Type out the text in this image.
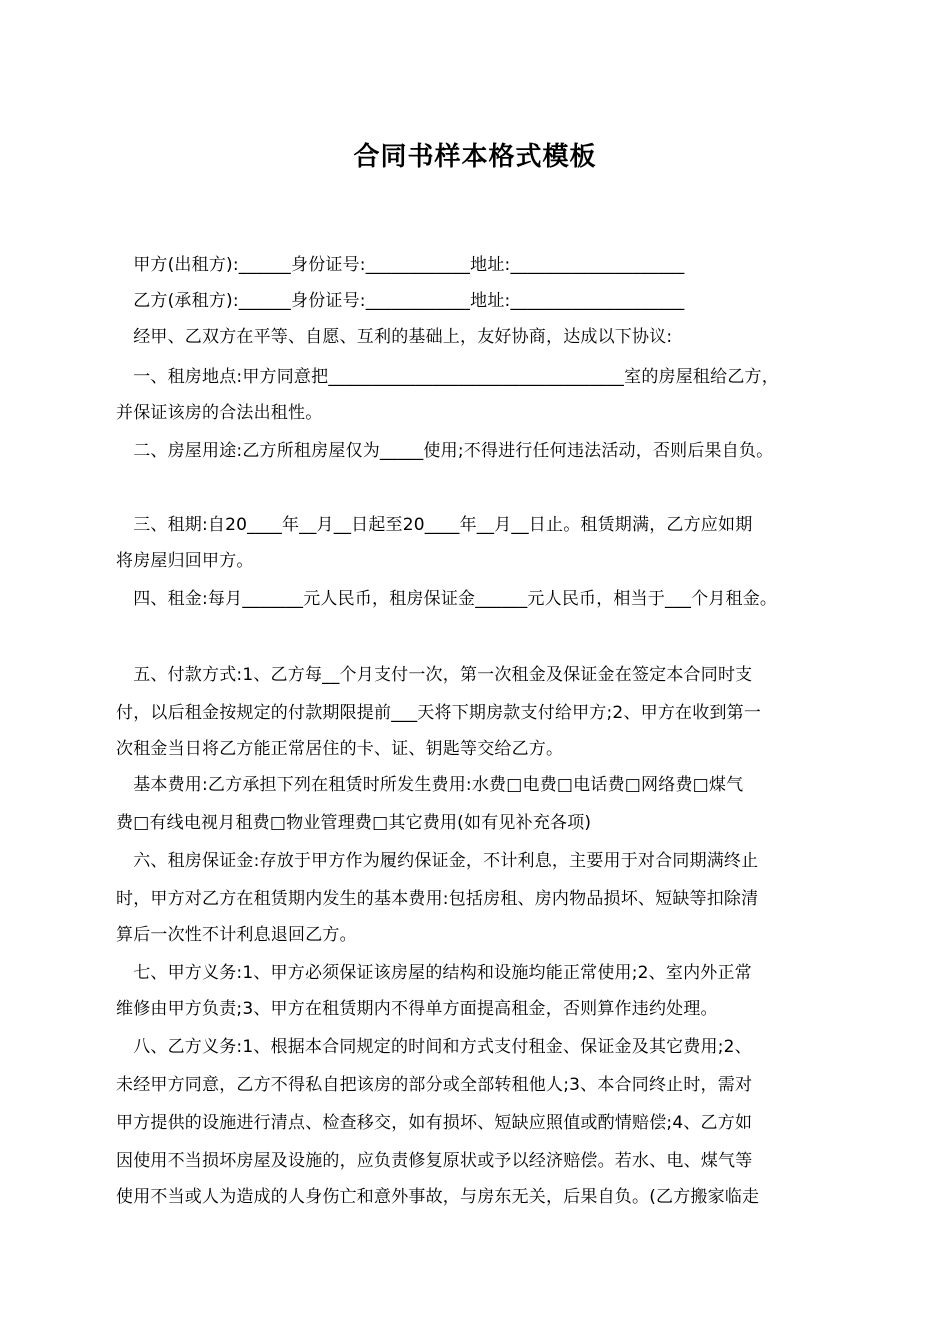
合同书样本格式模板
　甲方(出租方):______身份证号:____________地址:____________________
　乙方(承租方):______身份证号:____________地址:____________________
　经甲、乙双方在平等、自愿、互利的基础上，友好协商，达成以下协议:
　一、租房地点:甲方同意把__________________________________室的房屋租给乙方，
并保证该房的合法出租性。
　二、房屋用途:乙方所租房屋仅为_____使用;不得进行任何违法活动，否则后果自负。
　三、租期:自20____年__月__日起至20____年__月__日止。租赁期满，乙方应如期
将房屋归回甲方。
　四、租金:每月_______元人民币，租房保证金______元人民币，相当于___个月租金。
　五、付款方式:1、乙方每__个月支付一次，第一次租金及保证金在签定本合同时支
付，以后租金按规定的付款期限提前___天将下期房款支付给甲方;2、甲方在收到第一
次租金当日将乙方能正常居住的卡、证、钥匙等交给乙方。
　基本费用:乙方承担下列在租赁时所发生费用:水费□电费□电话费□网络费□煤气
费□有线电视月租费□物业管理费□其它费用(如有见补充各项)
　六、租房保证金:存放于甲方作为履约保证金，不计利息，主要用于对合同期满终止
时，甲方对乙方在租赁期内发生的基本费用:包括房租、房内物品损坏、短缺等扣除清
算后一次性不计利息退回乙方。
　七、甲方义务:1、甲方必须保证该房屋的结构和设施均能正常使用;2、室内外正常
维修由甲方负责;3、甲方在租赁期内不得单方面提高租金，否则算作违约处理。
　八、乙方义务:1、根据本合同规定的时间和方式支付租金、保证金及其它费用;2、
未经甲方同意，乙方不得私自把该房的部分或全部转租他人;3、本合同终止时，需对
甲方提供的设施进行清点、检查移交，如有损坏、短缺应照值或酌情赔偿;4、乙方如
因使用不当损坏房屋及设施的，应负责修复原状或予以经济赔偿。若水、电、煤气等
使用不当或人为造成的人身伤亡和意外事故，与房东无关，后果自负。(乙方搬家临走
